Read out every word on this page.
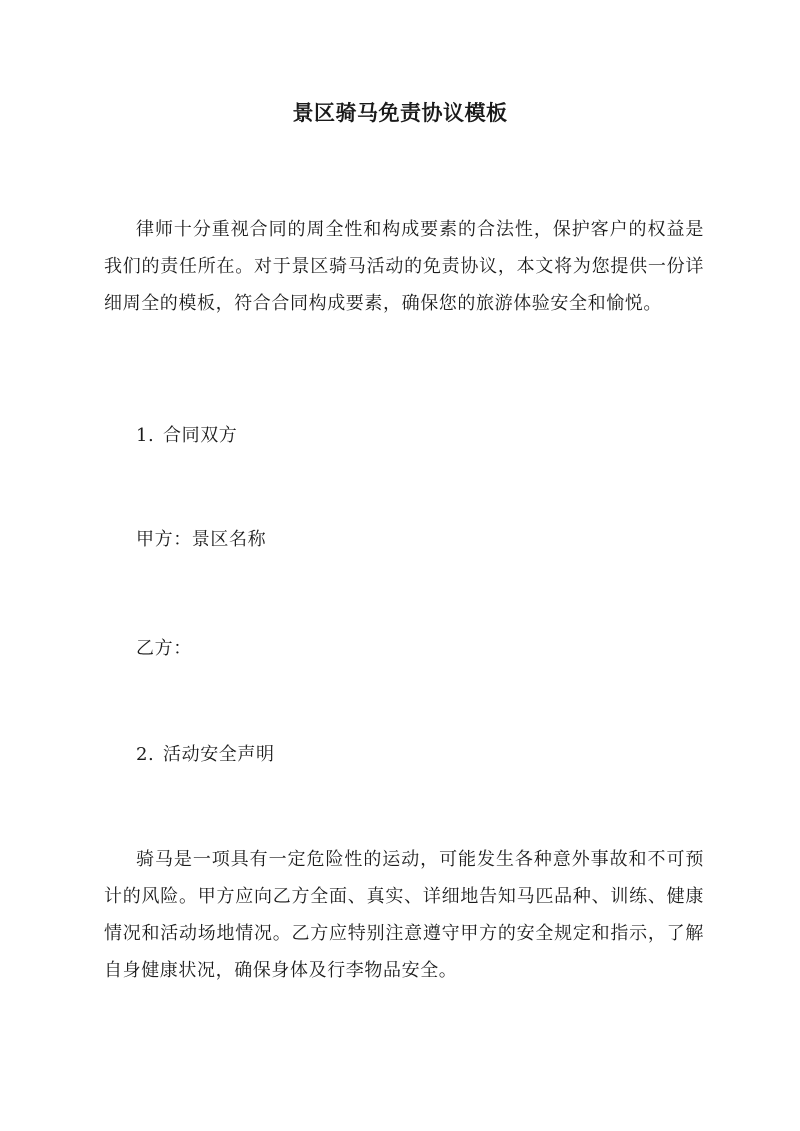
景区骑马免责协议模板
律师十分重视合同的周全性和构成要素的合法性，保护客户的权益是我们的责任所在。对于景区骑马活动的免责协议，本文将为您提供一份详细周全的模板，符合合同构成要素，确保您的旅游体验安全和愉悦。
1. 合同双方
甲方：景区名称
乙方：
2. 活动安全声明
骑马是一项具有一定危险性的运动，可能发生各种意外事故和不可预计的风险。甲方应向乙方全面、真实、详细地告知马匹品种、训练、健康情况和活动场地情况。乙方应特别注意遵守甲方的安全规定和指示，了解自身健康状况，确保身体及行李物品安全。
